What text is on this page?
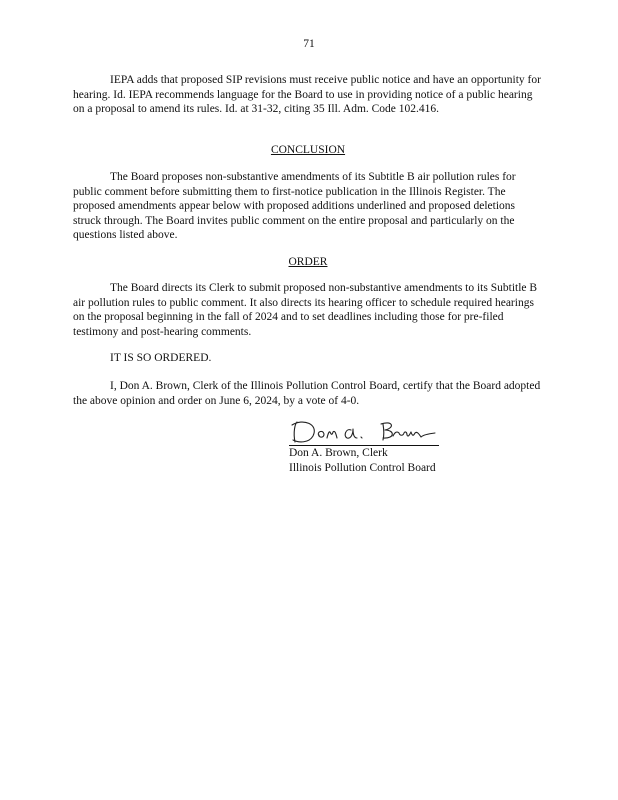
71

IEPA adds that proposed SIP revisions must receive public notice and have an opportunity for hearing. Id. IEPA recommends language for the Board to use in providing notice of a public hearing on a proposal to amend its rules. Id. at 31-32, citing 35 Ill. Adm. Code 102.416.

CONCLUSION

The Board proposes non-substantive amendments of its Subtitle B air pollution rules for public comment before submitting them to first-notice publication in the Illinois Register. The proposed amendments appear below with proposed additions underlined and proposed deletions struck through. The Board invites public comment on the entire proposal and particularly on the questions listed above.

ORDER

The Board directs its Clerk to submit proposed non-substantive amendments to its Subtitle B air pollution rules to public comment. It also directs its hearing officer to schedule required hearings on the proposal beginning in the fall of 2024 and to set deadlines including those for pre-filed testimony and post-hearing comments.

IT IS SO ORDERED.

I, Don A. Brown, Clerk of the Illinois Pollution Control Board, certify that the Board adopted the above opinion and order on June 6, 2024, by a vote of 4-0.

Don A. Brown, Clerk
Illinois Pollution Control Board
